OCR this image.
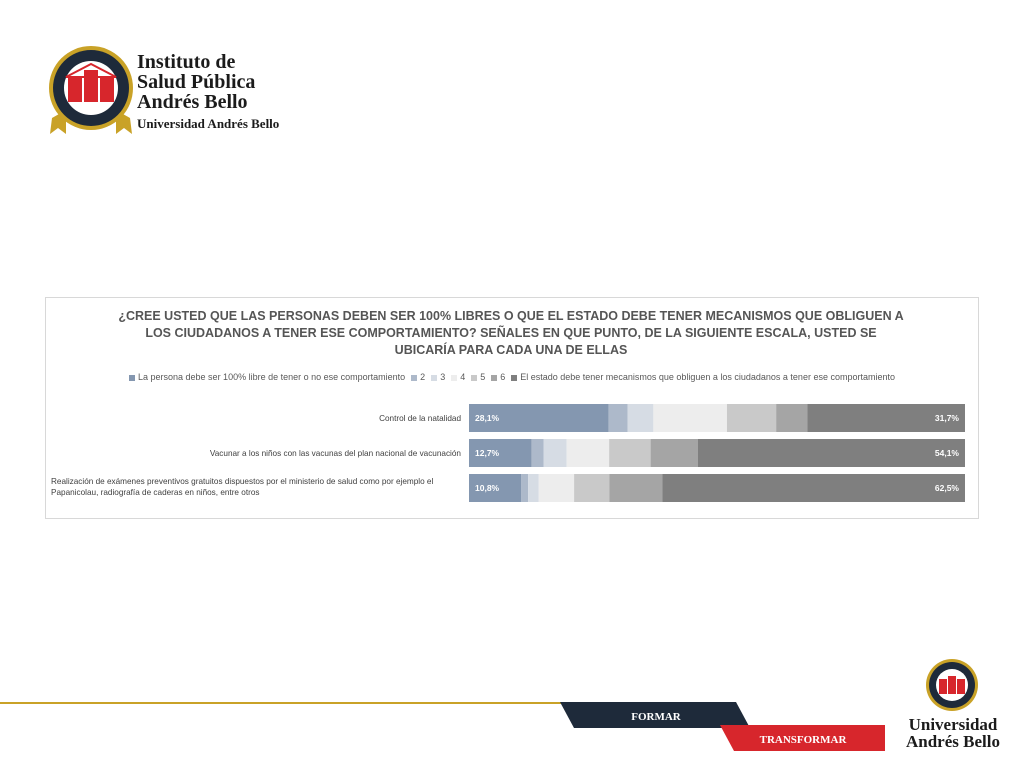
Instituto de
Salud Pública
Andrés Bello
Universidad Andrés Bello
¿CREE USTED QUE LAS PERSONAS DEBEN SER 100% LIBRES O QUE EL ESTADO DEBE TENER MECANISMOS QUE OBLIGUEN A LOS CIUDADANOS A TENER ESE COMPORTAMIENTO? SEÑALES EN QUE PUNTO, DE LA SIGUIENTE ESCALA, USTED SE UBICARÍA PARA CADA UNA DE ELLAS
La persona debe ser 100% libre de tener o no ese comportamiento 2 3 4 5 6 El estado debe tener mecanismos que obliguen a los ciudadanos a tener ese comportamiento
Control de la natalidad
Vacunar a los niños con las vacunas del plan nacional de vacunación
Realización de exámenes preventivos gratuitos dispuestos por el ministerio de salud como por ejemplo el Papanicolau, radiografía de caderas en niños, entre otros
28,1%	31,7%
12,7%	54,1%
10,8%	62,5%
FORMAR
TRANSFORMAR
Universidad
Andrés Bello
